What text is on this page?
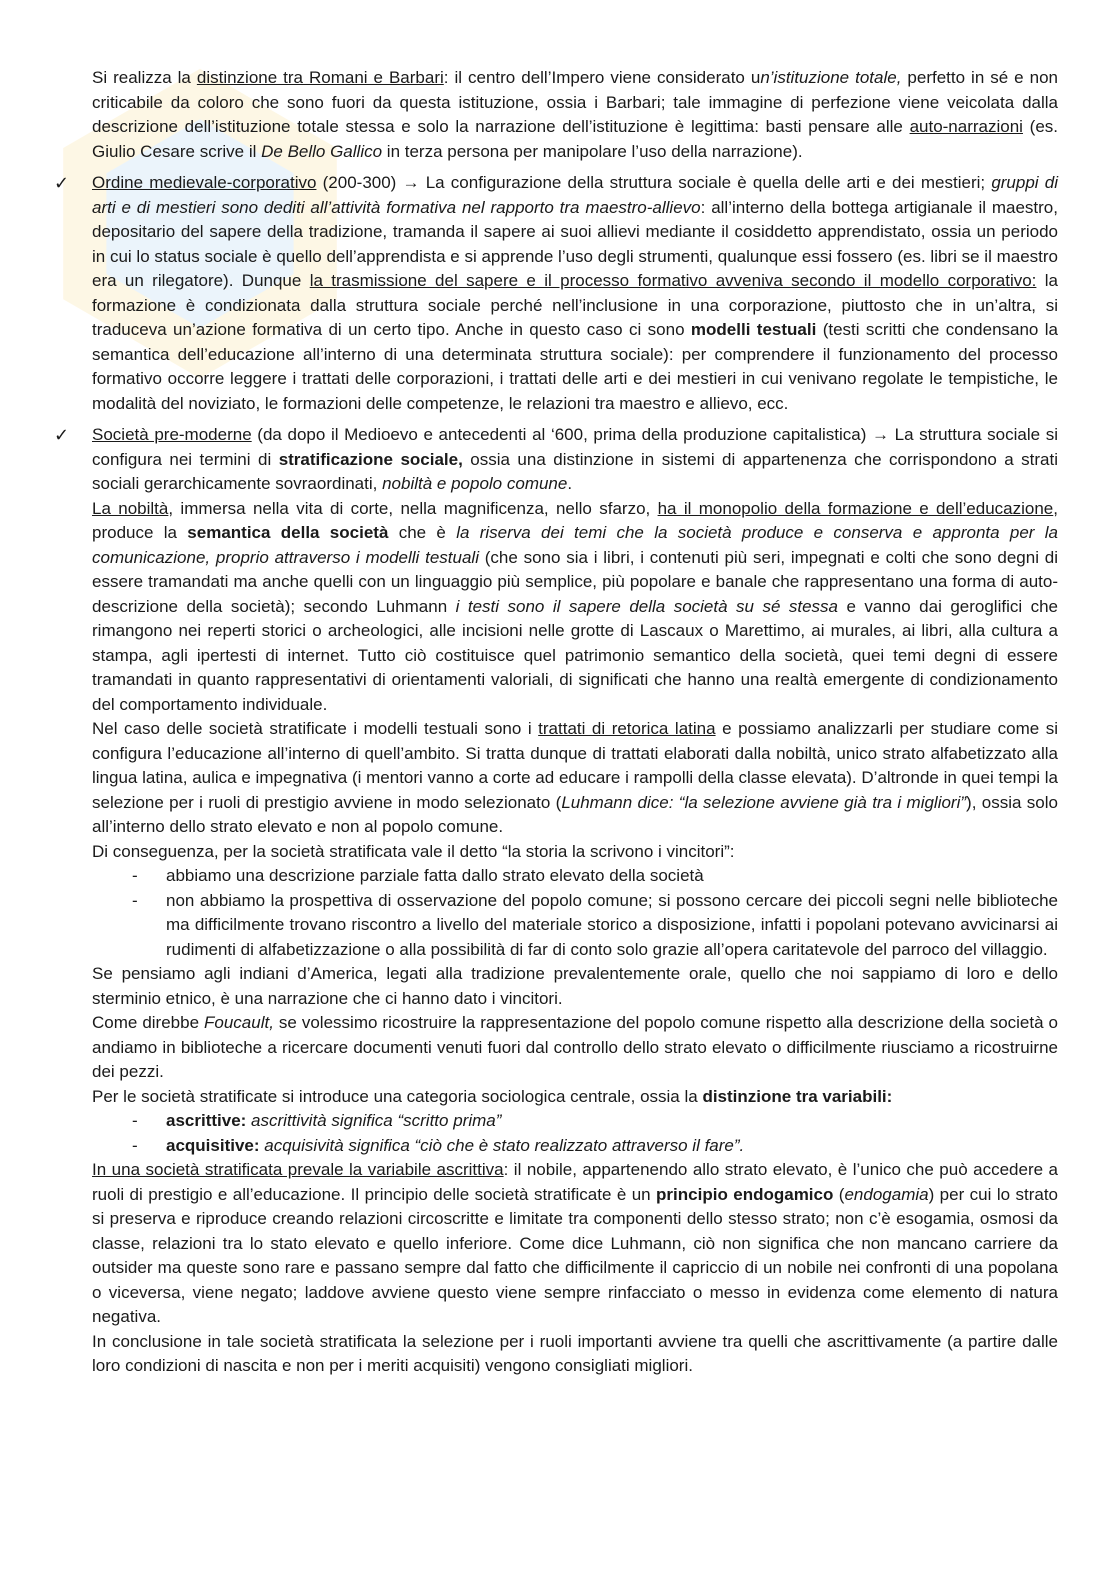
Si realizza la distinzione tra Romani e Barbari: il centro dell’Impero viene considerato un’istituzione totale, perfetto in sé e non criticabile da coloro che sono fuori da questa istituzione, ossia i Barbari; tale immagine di perfezione viene veicolata dalla descrizione dell’istituzione totale stessa e solo la narrazione dell’istituzione è legittima: basti pensare alle auto-narrazioni (es. Giulio Cesare scrive il De Bello Gallico in terza persona per manipolare l’uso della narrazione).

✓ Ordine medievale-corporativo (200-300) → La configurazione della struttura sociale è quella delle arti e dei mestieri; gruppi di arti e di mestieri sono dediti all’attività formativa nel rapporto tra maestro-allievo: all’interno della bottega artigianale il maestro, depositario del sapere della tradizione, tramanda il sapere ai suoi allievi mediante il cosiddetto apprendistato, ossia un periodo in cui lo status sociale è quello dell’apprendista e si apprende l’uso degli strumenti, qualunque essi fossero (es. libri se il maestro era un rilegatore). Dunque la trasmissione del sapere e il processo formativo avveniva secondo il modello corporativo: la formazione è condizionata dalla struttura sociale perché nell’inclusione in una corporazione, piuttosto che in un’altra, si traduceva un’azione formativa di un certo tipo. Anche in questo caso ci sono modelli testuali (testi scritti che condensano la semantica dell’educazione all’interno di una determinata struttura sociale): per comprendere il funzionamento del processo formativo occorre leggere i trattati delle corporazioni, i trattati delle arti e dei mestieri in cui venivano regolate le tempistiche, le modalità del noviziato, le formazioni delle competenze, le relazioni tra maestro e allievo, ecc.

✓ Società pre-moderne (da dopo il Medioevo e antecedenti al ‘600, prima della produzione capitalistica) → La struttura sociale si configura nei termini di stratificazione sociale, ossia una distinzione in sistemi di appartenenza che corrispondono a strati sociali gerarchicamente sovraordinati, nobiltà e popolo comune.

La nobiltà, immersa nella vita di corte, nella magnificenza, nello sfarzo, ha il monopolio della formazione e dell’educazione, produce la semantica della società che è la riserva dei temi che la società produce e conserva e appronta per la comunicazione, proprio attraverso i modelli testuali (che sono sia i libri, i contenuti più seri, impegnati e colti che sono degni di essere tramandati ma anche quelli con un linguaggio più semplice, più popolare e banale che rappresentano una forma di auto-descrizione della società); secondo Luhmann i testi sono il sapere della società su sé stessa e vanno dai geroglifici che rimangono nei reperti storici o archeologici, alle incisioni nelle grotte di Lascaux o Marettimo, ai murales, ai libri, alla cultura a stampa, agli ipertesti di internet. Tutto ciò costituisce quel patrimonio semantico della società, quei temi degni di essere tramandati in quanto rappresentativi di orientamenti valoriali, di significati che hanno una realtà emergente di condizionamento del comportamento individuale.

Nel caso delle società stratificate i modelli testuali sono i trattati di retorica latina e possiamo analizzarli per studiare come si configura l’educazione all’interno di quell’ambito. Si tratta dunque di trattati elaborati dalla nobiltà, unico strato alfabetizzato alla lingua latina, aulica e impegnativa (i mentori vanno a corte ad educare i rampolli della classe elevata). D’altronde in quei tempi la selezione per i ruoli di prestigio avviene in modo selezionato (Luhmann dice: “la selezione avviene già tra i migliori”), ossia solo all’interno dello strato elevato e non al popolo comune.

Di conseguenza, per la società stratificata vale il detto “la storia la scrivono i vincitori”:

- abbiamo una descrizione parziale fatta dallo strato elevato della società
- non abbiamo la prospettiva di osservazione del popolo comune; si possono cercare dei piccoli segni nelle biblioteche ma difficilmente trovano riscontro a livello del materiale storico a disposizione, infatti i popolani potevano avvicinarsi ai rudimenti di alfabetizzazione o alla possibilità di far di conto solo grazie all’opera caritatevole del parroco del villaggio.

Se pensiamo agli indiani d’America, legati alla tradizione prevalentemente orale, quello che noi sappiamo di loro e dello sterminio etnico, è una narrazione che ci hanno dato i vincitori.

Come direbbe Foucault, se volessimo ricostruire la rappresentazione del popolo comune rispetto alla descrizione della società o andiamo in biblioteche a ricercare documenti venuti fuori dal controllo dello strato elevato o difficilmente riusciamo a ricostruirne dei pezzi.

Per le società stratificate si introduce una categoria sociologica centrale, ossia la distinzione tra variabili:

- ascrittive: ascrittività significa “scritto prima”
- acquisitive: acquisività significa “ciò che è stato realizzato attraverso il fare”.

In una società stratificata prevale la variabile ascrittiva: il nobile, appartenendo allo strato elevato, è l’unico che può accedere a ruoli di prestigio e all’educazione. Il principio delle società stratificate è un principio endogamico (endogamia) per cui lo strato si preserva e riproduce creando relazioni circoscritte e limitate tra componenti dello stesso strato; non c’è esogamia, osmosi da classe, relazioni tra lo stato elevato e quello inferiore. Come dice Luhmann, ciò non significa che non mancano carriere da outsider ma queste sono rare e passano sempre dal fatto che difficilmente il capriccio di un nobile nei confronti di una popolana o viceversa, viene negato; laddove avviene questo viene sempre rinfacciato o messo in evidenza come elemento di natura negativa.

In conclusione in tale società stratificata la selezione per i ruoli importanti avviene tra quelli che ascrittivamente (a partire dalle loro condizioni di nascita e non per i meriti acquisiti) vengono consigliati migliori.
